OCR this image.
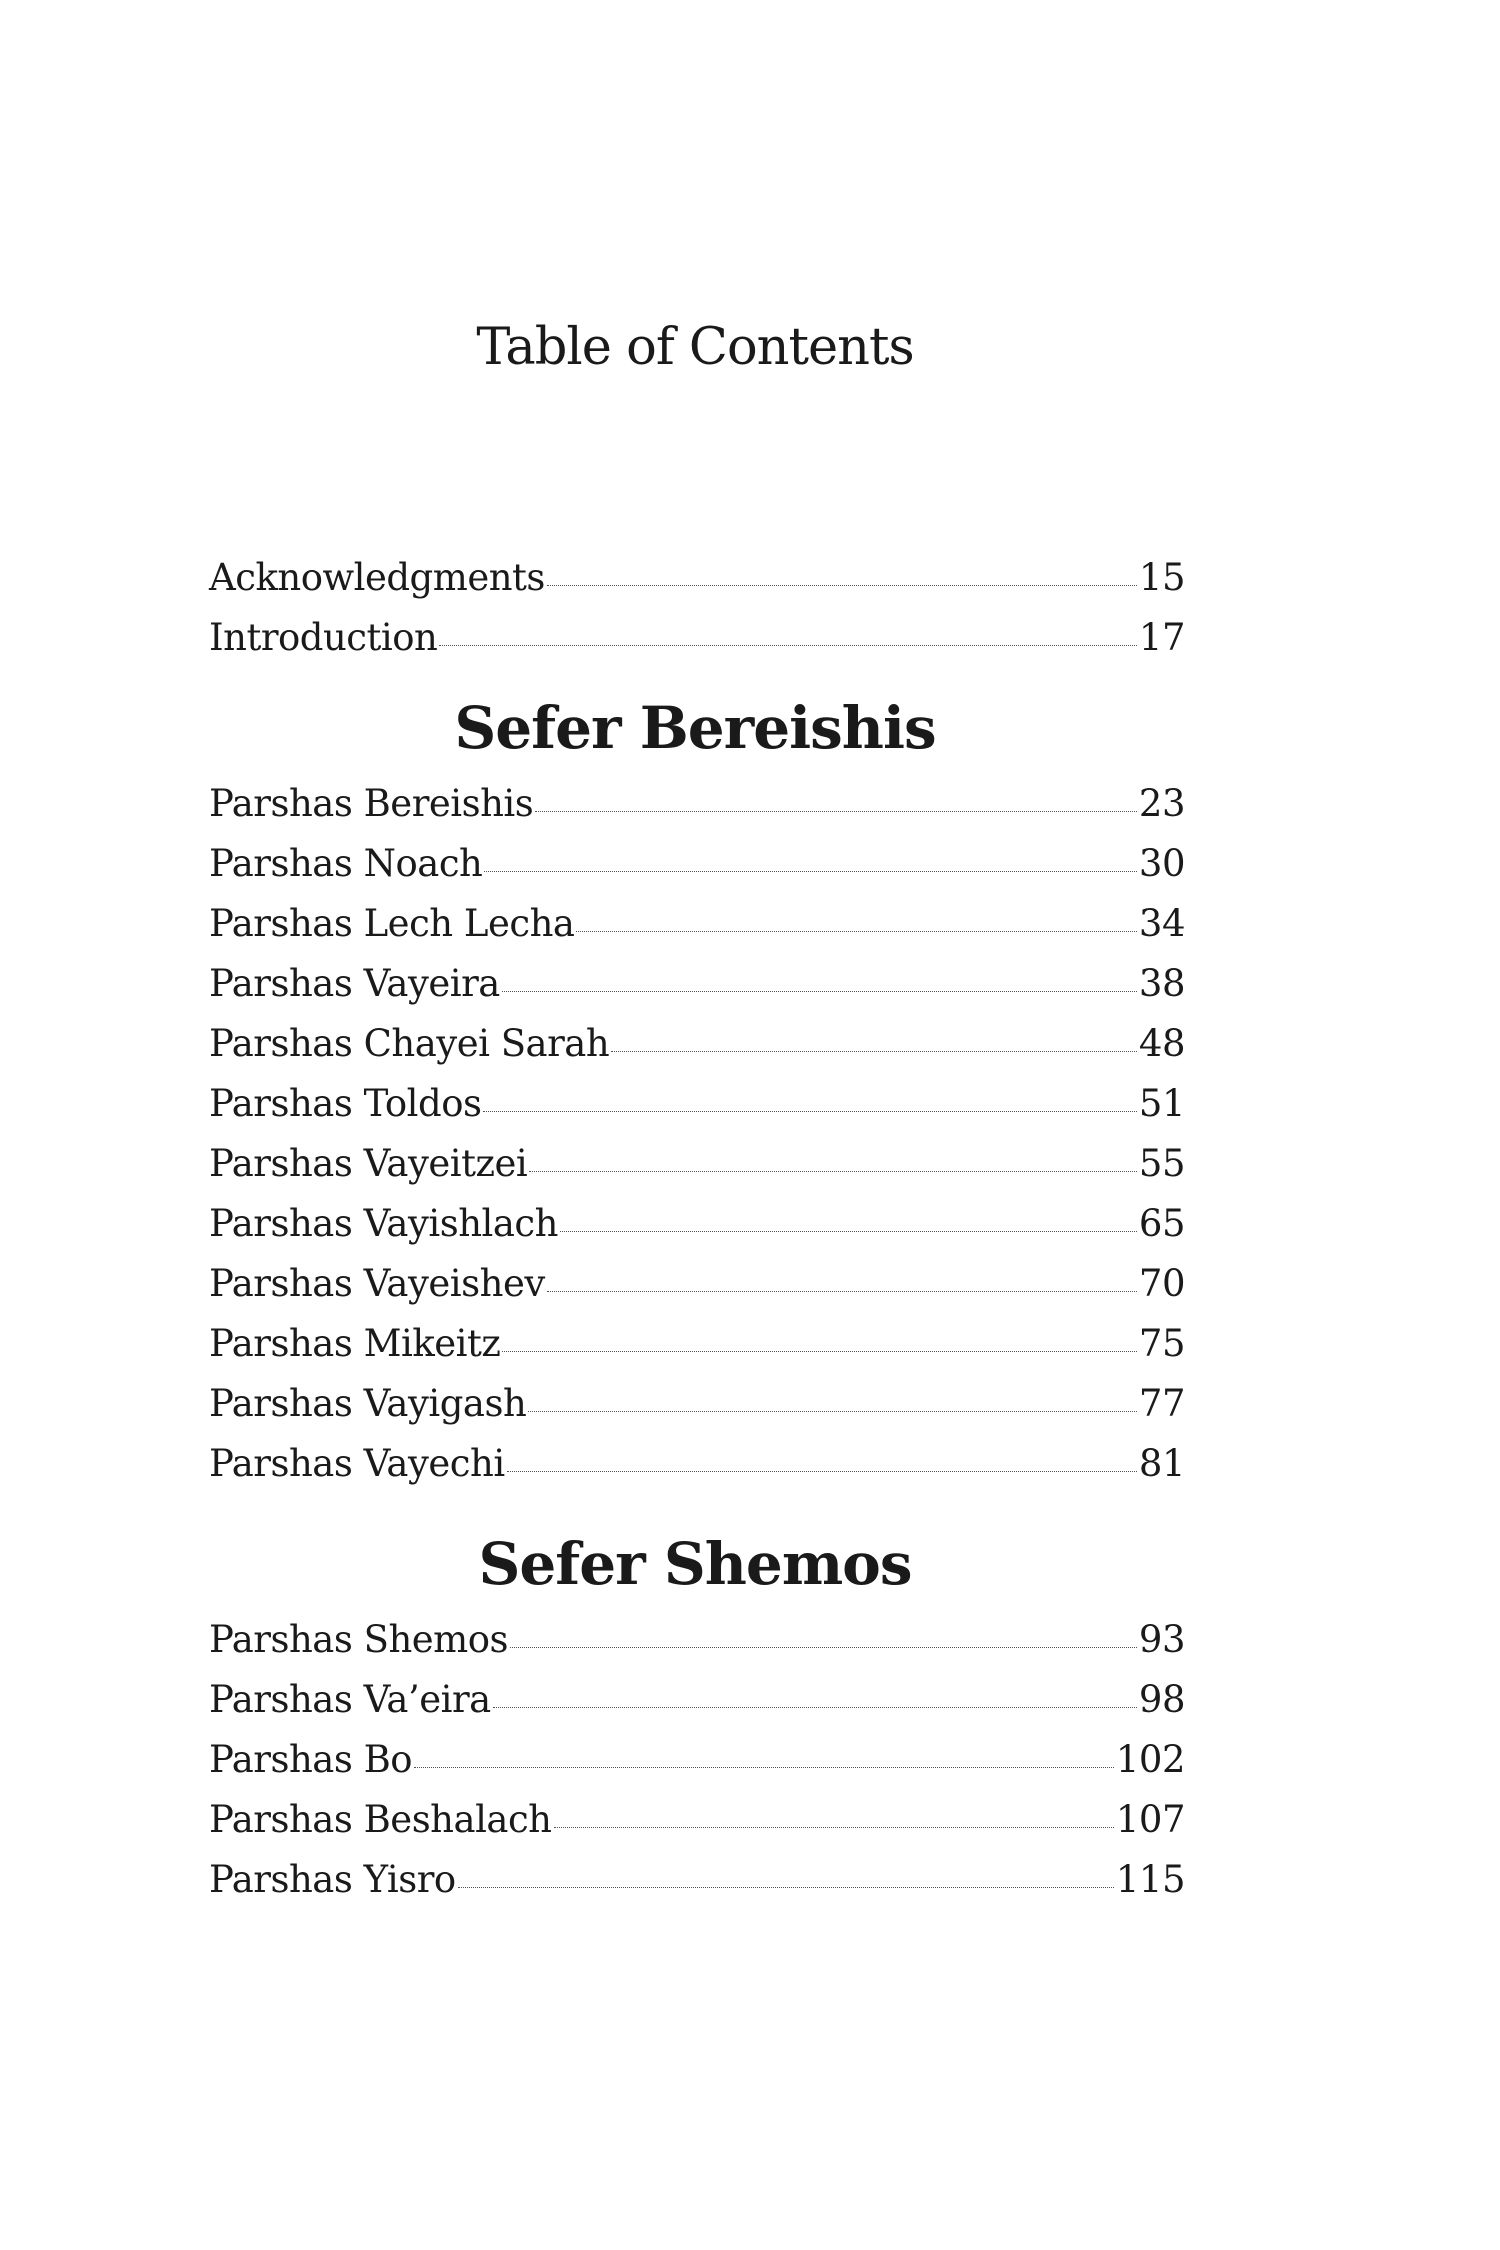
Table of Contents
Acknowledgments	15
Introduction	17
Sefer Bereishis
Parshas Bereishis	23
Parshas Noach	30
Parshas Lech Lecha	34
Parshas Vayeira	38
Parshas Chayei Sarah	48
Parshas Toldos	51
Parshas Vayeitzei	55
Parshas Vayishlach	65
Parshas Vayeishev	70
Parshas Mikeitz	75
Parshas Vayigash	77
Parshas Vayechi	81
Sefer Shemos
Parshas Shemos	93
Parshas Va’eira	98
Parshas Bo	102
Parshas Beshalach	107
Parshas Yisro	115
